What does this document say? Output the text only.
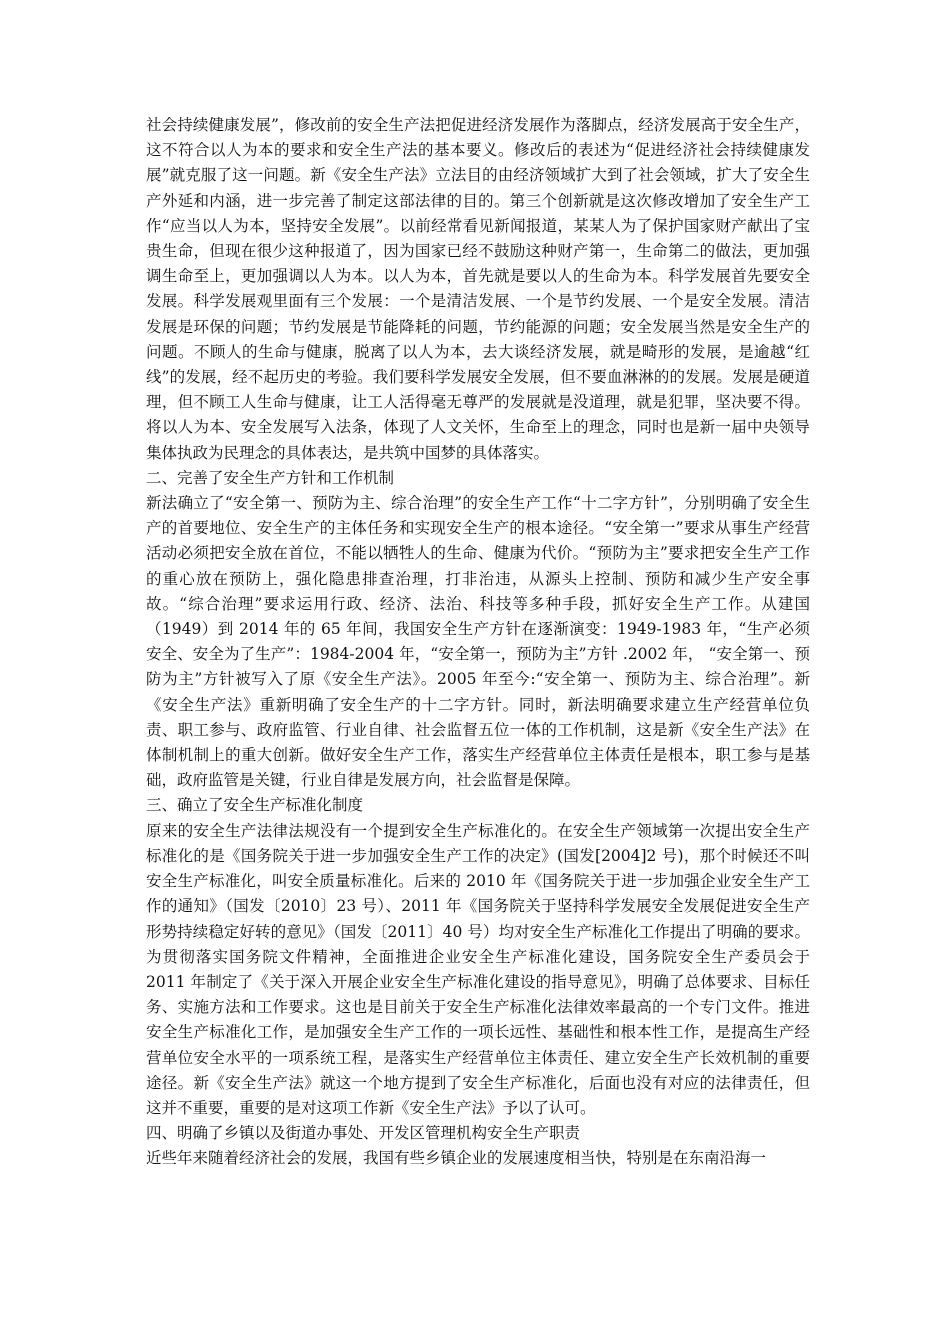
社会持续健康发展”，修改前的安全生产法把促进经济发展作为落脚点，经济发展高于安全生产，这不符合以人为本的要求和安全生产法的基本要义。修改后的表述为“促进经济社会持续健康发展”就克服了这一问题。新《安全生产法》立法目的由经济领域扩大到了社会领域，扩大了安全生产外延和内涵，进一步完善了制定这部法律的目的。第三个创新就是这次修改增加了安全生产工作“应当以人为本，坚持安全发展”。以前经常看见新闻报道，某某人为了保护国家财产献出了宝贵生命，但现在很少这种报道了，因为国家已经不鼓励这种财产第一，生命第二的做法，更加强调生命至上，更加强调以人为本。以人为本，首先就是要以人的生命为本。科学发展首先要安全发展。科学发展观里面有三个发展：一个是清洁发展、一个是节约发展、一个是安全发展。清洁发展是环保的问题；节约发展是节能降耗的问题，节约能源的问题；安全发展当然是安全生产的问题。不顾人的生命与健康，脱离了以人为本，去大谈经济发展，就是畸形的发展，是逾越“红线”的发展，经不起历史的考验。我们要科学发展安全发展，但不要血淋淋的的发展。发展是硬道理，但不顾工人生命与健康，让工人活得毫无尊严的发展就是没道理，就是犯罪，坚决要不得。将以人为本、安全发展写入法条，体现了人文关怀，生命至上的理念，同时也是新一届中央领导集体执政为民理念的具体表达，是共筑中国梦的具体落实。

二、完善了安全生产方针和工作机制

新法确立了“安全第一、预防为主、综合治理”的安全生产工作“十二字方针”，分别明确了安全生产的首要地位、安全生产的主体任务和实现安全生产的根本途径。“安全第一”要求从事生产经营活动必须把安全放在首位，不能以牺牲人的生命、健康为代价。“预防为主”要求把安全生产工作的重心放在预防上，强化隐患排查治理，打非治违，从源头上控制、预防和减少生产安全事故。“综合治理”要求运用行政、经济、法治、科技等多种手段，抓好安全生产工作。从建国（1949）到 2014 年的 65 年间，我国安全生产方针在逐渐演变：1949-1983 年，“生产必须安全、安全为了生产”：1984-2004 年，“安全第一，预防为主”方针 .2002 年， “安全第一、预防为主”方针被写入了原《安全生产法》。2005 年至今:“安全第一、预防为主、综合治理”。新《安全生产法》重新明确了安全生产的十二字方针。同时，新法明确要求建立生产经营单位负责、职工参与、政府监管、行业自律、社会监督五位一体的工作机制，这是新《安全生产法》在体制机制上的重大创新。做好安全生产工作，落实生产经营单位主体责任是根本，职工参与是基础，政府监管是关键，行业自律是发展方向，社会监督是保障。

三、确立了安全生产标准化制度

原来的安全生产法律法规没有一个提到安全生产标准化的。在安全生产领域第一次提出安全生产标准化的是《国务院关于进一步加强安全生产工作的决定》(国发[2004]2 号)，那个时候还不叫安全生产标准化，叫安全质量标准化。后来的 2010 年《国务院关于进一步加强企业安全生产工作的通知》（国发〔2010〕23 号）、2011 年《国务院关于坚持科学发展安全发展促进安全生产形势持续稳定好转的意见》（国发〔2011〕40 号）均对安全生产标准化工作提出了明确的要求。为贯彻落实国务院文件精神，全面推进企业安全生产标准化建设，国务院安全生产委员会于 2011 年制定了《关于深入开展企业安全生产标准化建设的指导意见》，明确了总体要求、目标任务、实施方法和工作要求。这也是目前关于安全生产标准化法律效率最高的一个专门文件。推进安全生产标准化工作，是加强安全生产工作的一项长远性、基础性和根本性工作，是提高生产经营单位安全水平的一项系统工程，是落实生产经营单位主体责任、建立安全生产长效机制的重要途径。新《安全生产法》就这一个地方提到了安全生产标准化，后面也没有对应的法律责任，但这并不重要，重要的是对这项工作新《安全生产法》予以了认可。

四、明确了乡镇以及街道办事处、开发区管理机构安全生产职责

近些年来随着经济社会的发展，我国有些乡镇企业的发展速度相当快，特别是在东南沿海一
